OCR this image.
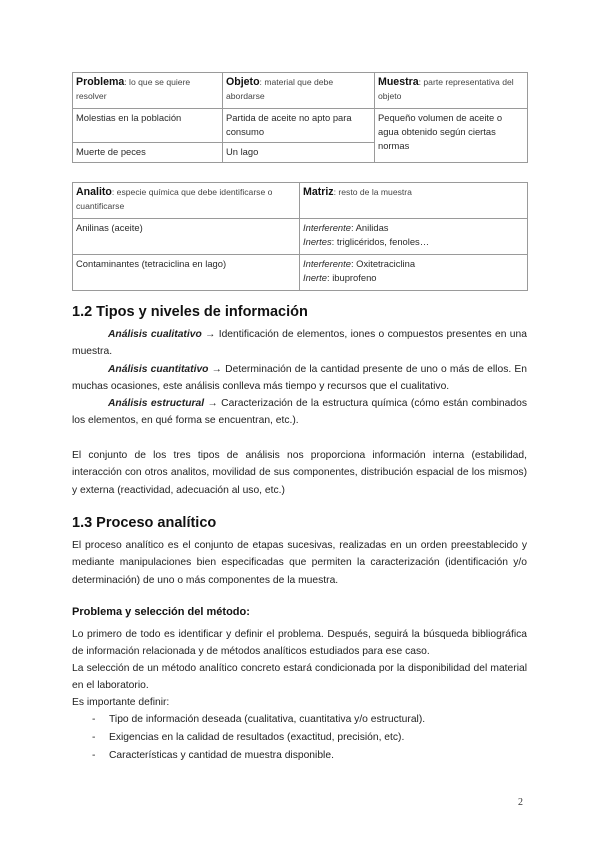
Problema: lo que se quiere resolver	Objeto: material que debe abordarse	Muestra: parte representativa del objeto
Molestias en la población	Partida de aceite no apto para consumo	Pequeño volumen de aceite o agua obtenido según ciertas normas
Muerte de peces	Un lago	
Analito: especie química que debe identificarse o cuantificarse	Matriz: resto de la muestra
Anilinas (aceite)	Interferente: Anilidas
Inertes: triglicéridos, fenoles…

Contaminantes (tetraciclina en lago)	Interferente: Oxitetraciclina
Inerte: ibuprofeno
1.2 Tipos y niveles de información

Análisis cualitativo → Identificación de elementos, iones o compuestos presentes en una muestra.

Análisis cuantitativo → Determinación de la cantidad presente de uno o más de ellos. En muchas ocasiones, este análisis conlleva más tiempo y recursos que el cualitativo.

Análisis estructural → Caracterización de la estructura química (cómo están combinados los elementos, en qué forma se encuentran, etc.).

El conjunto de los tres tipos de análisis nos proporciona información interna (estabilidad, interacción con otros analitos, movilidad de sus componentes, distribución espacial de los mismos) y externa (reactividad, adecuación al uso, etc.)

1.3 Proceso analítico

El proceso analítico es el conjunto de etapas sucesivas, realizadas en un orden preestablecido y mediante manipulaciones bien especificadas que permiten la caracterización (identificación y/o determinación) de uno o más componentes de la muestra.

Problema y selección del método:

Lo primero de todo es identificar y definir el problema. Después, seguirá la búsqueda bibliográfica de información relacionada y de métodos analíticos estudiados para ese caso.

La selección de un método analítico concreto estará condicionada por la disponibilidad del material en el laboratorio.

Es importante definir:

- Tipo de información deseada (cualitativa, cuantitativa y/o estructural).
- Exigencias en la calidad de resultados (exactitud, precisión, etc).
- Características y cantidad de muestra disponible.
2
